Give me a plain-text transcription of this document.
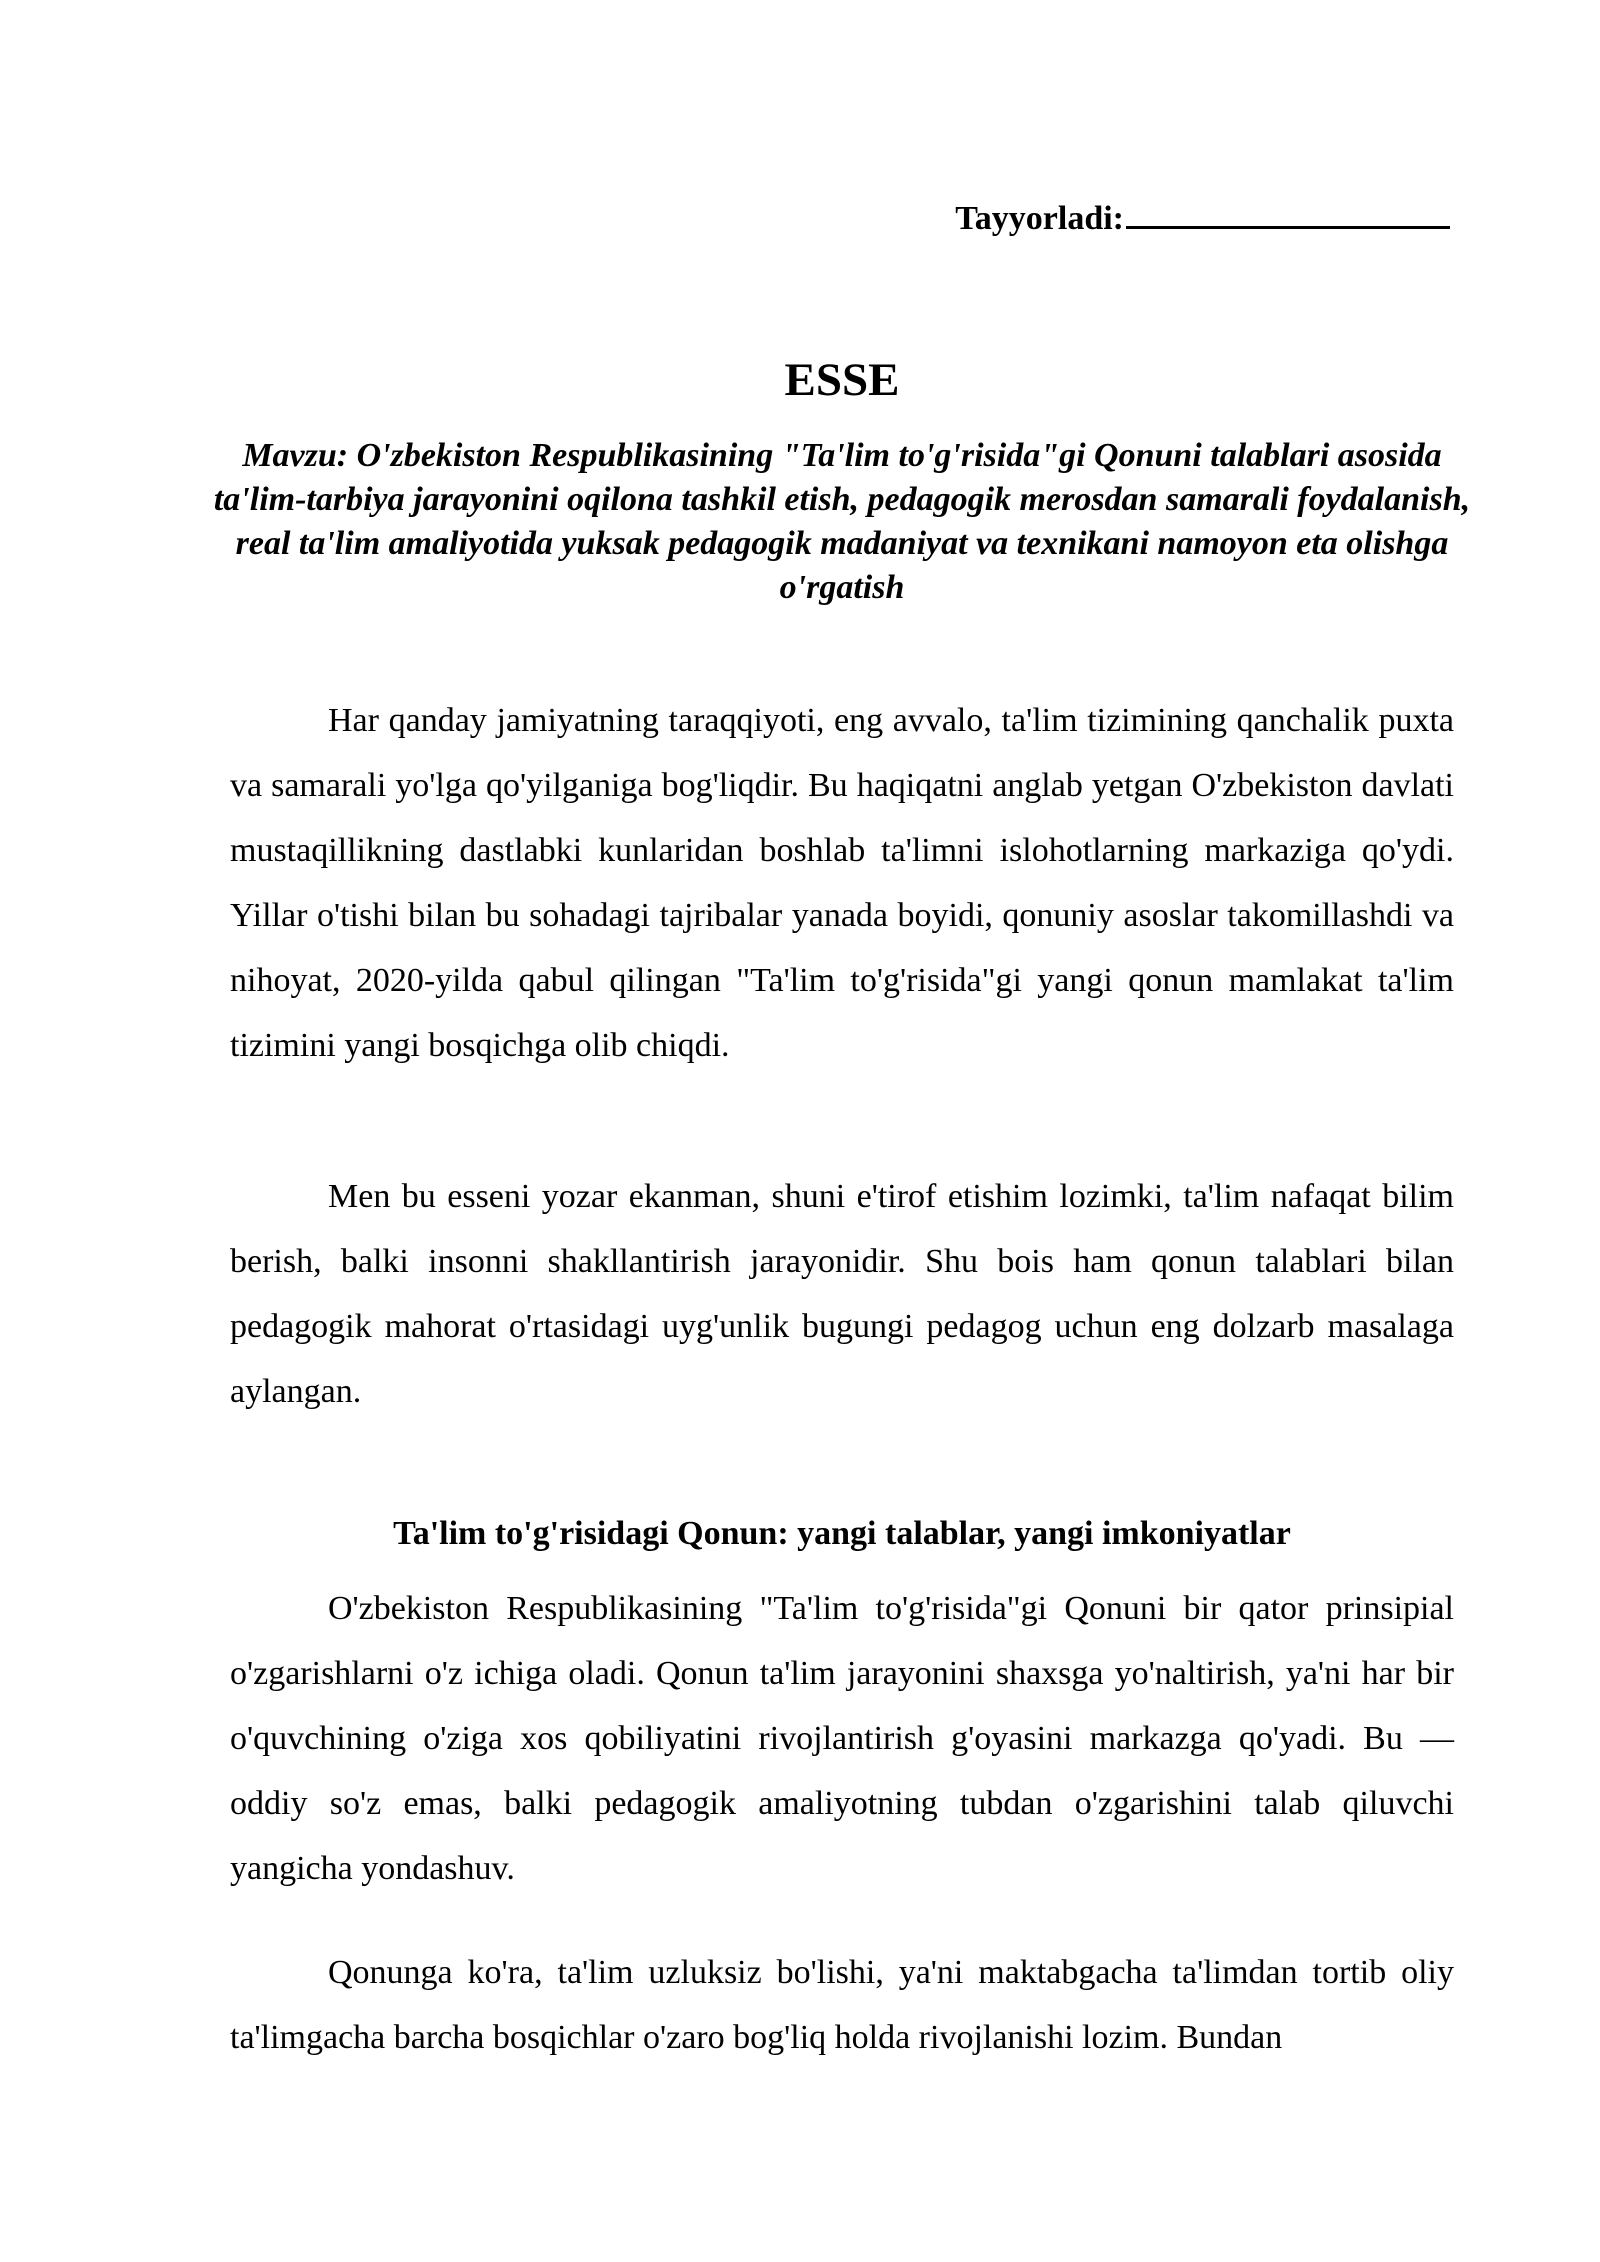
Tayyorladi:
ESSE

Mavzu: O'zbekiston Respublikasining "Ta'lim to'g'risida"gi Qonuni talablari asosida ta'lim-tarbiya jarayonini oqilona tashkil etish, pedagogik merosdan samarali foydalanish, real ta'lim amaliyotida yuksak pedagogik madaniyat va texnikani namoyon eta olishga o'rgatish

Har qanday jamiyatning taraqqiyoti, eng avvalo, ta'lim tizimining qanchalik puxta va samarali yo'lga qo'yilganiga bog'liqdir. Bu haqiqatni anglab yetgan O'zbekiston davlati mustaqillikning dastlabki kunlaridan boshlab ta'limni islohotlarning markaziga qo'ydi. Yillar o'tishi bilan bu sohadagi tajribalar yanada boyidi, qonuniy asoslar takomillashdi va nihoyat, 2020-yilda qabul qilingan "Ta'lim to'g'risida"gi yangi qonun mamlakat ta'lim tizimini yangi bosqichga olib chiqdi.

Men bu esseni yozar ekanman, shuni e'tirof etishim lozimki, ta'lim nafaqat bilim berish, balki insonni shakllantirish jarayonidir. Shu bois ham qonun talablari bilan pedagogik mahorat o'rtasidagi uyg'unlik bugungi pedagog uchun eng dolzarb masalaga aylangan.

Ta'lim to'g'risidagi Qonun: yangi talablar, yangi imkoniyatlar

O'zbekiston Respublikasining "Ta'lim to'g'risida"gi Qonuni bir qator prinsipial o'zgarishlarni o'z ichiga oladi. Qonun ta'lim jarayonini shaxsga yo'naltirish, ya'ni har bir o'quvchining o'ziga xos qobiliyatini rivojlantirish g'oyasini markazga qo'yadi. Bu — oddiy so'z emas, balki pedagogik amaliyotning tubdan o'zgarishini talab qiluvchi yangicha yondashuv.

Qonunga ko'ra, ta'lim uzluksiz bo'lishi, ya'ni maktabgacha ta'limdan tortib oliy ta'limgacha barcha bosqichlar o'zaro bog'liq holda rivojlanishi lozim. Bundan
